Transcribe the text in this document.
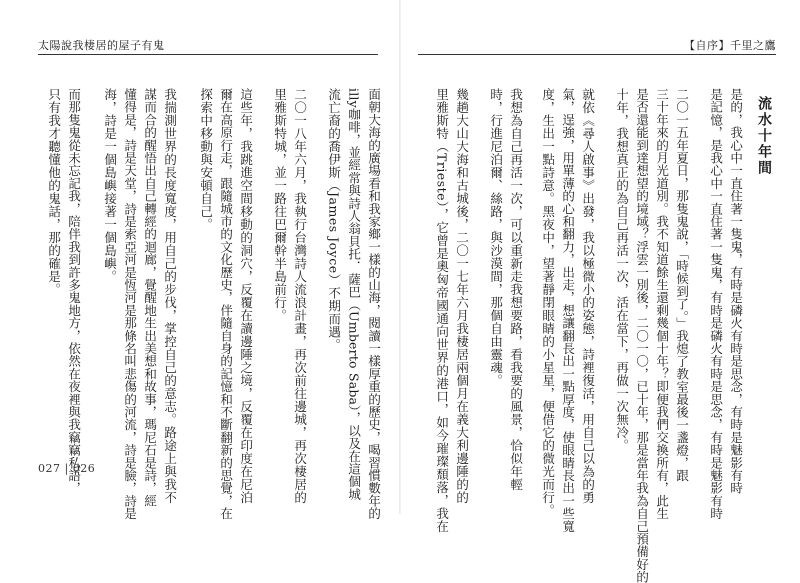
太陽說我棲居的屋子有鬼
只有我才聽懂他的鬼話，那的確是。 而那隻鬼從未忘記我，陪伴我到許多鬼地方，依然在夜裡與我竊竊私語， 海，詩是一個島嶼接著一個島嶼。 懂得是，詩是天堂，詩是索亞河是恆河是那條名叫悲傷的河流，詩是臉，詩是 謀而合的醒悟出自己轉經的迴廊，覺醒地生出美想和故事，瑪尼石是詩，經 我揣測世界的長度寬度，用自己的步伐，掌控自己的意志。路途上與我不 探索中移動與安頓自己。 爾在高原行走，跟隨城市的文化歷史，伴隨自身的記憶和不斷翻新的思覺，在 這些年，我跳進空間移動的洞穴，反覆在讀邊陲之境，反覆在印度在尼泊 里雅斯特城，並一路往巴爾幹半島前行。 二〇一八年六月，我執行台灣詩人流浪計畫，再次前往邊城，再次棲居的 流亡裔的喬伊斯（James Joyce）不期而遇。 illy咖啡，並經常與詩人翁貝托．薩巴（Umberto Saba），以及在這個城 面朝大海的廣場看和我家鄉一樣的山海，閱讀一樣厚重的歷史，喝習慣數年的
027 | 026
【自序】千里之鷹
里雅斯特（Trieste），它曾是奧匈帝國通向世界的港口，如今璀璨頹落，我在 幾趟大山大海和古城後，二〇一七年六月我棲居兩個月在義大利邊陲的的 時，行進尼泊爾、絲路，與沙漠間，那個自由靈魂。 我想為自己再活一次，可以重新走我想要路，看我要的風景，恰似年輕 度，生出一點詩意。黑夜中，望著靜閉眼睛的小星星，便借它的微光而行。 氣，逞強，用單薄的心和翻力，出走，想讓翻長出一點厚度，使眼睛長出一些寬 就依《尋人啟事》出發，我以極微小的姿態，詩裡復活，用自己以為的勇 十年，我想真正的為自己再活一次，活在當下，再做一次無冷。 是否還能到達想望的境域？浮雲一別後，二〇一〇，已十年，那是當年我為自己預備好的 三十年來的月光道別。我不知道餘生還剩幾個十年？即便我們交換所有，此生 二〇一五年夏日，那隻鬼說，「時候到了。」我熄了教室最後一盞燈，跟 是記憶，是我心中一直住著一隻鬼，有時是磷火有時是思念，有時是魅影有時 是的，我心中一直住著一隻鬼，有時是磷火有時是思念，有時是魅影有時 流水十年間
